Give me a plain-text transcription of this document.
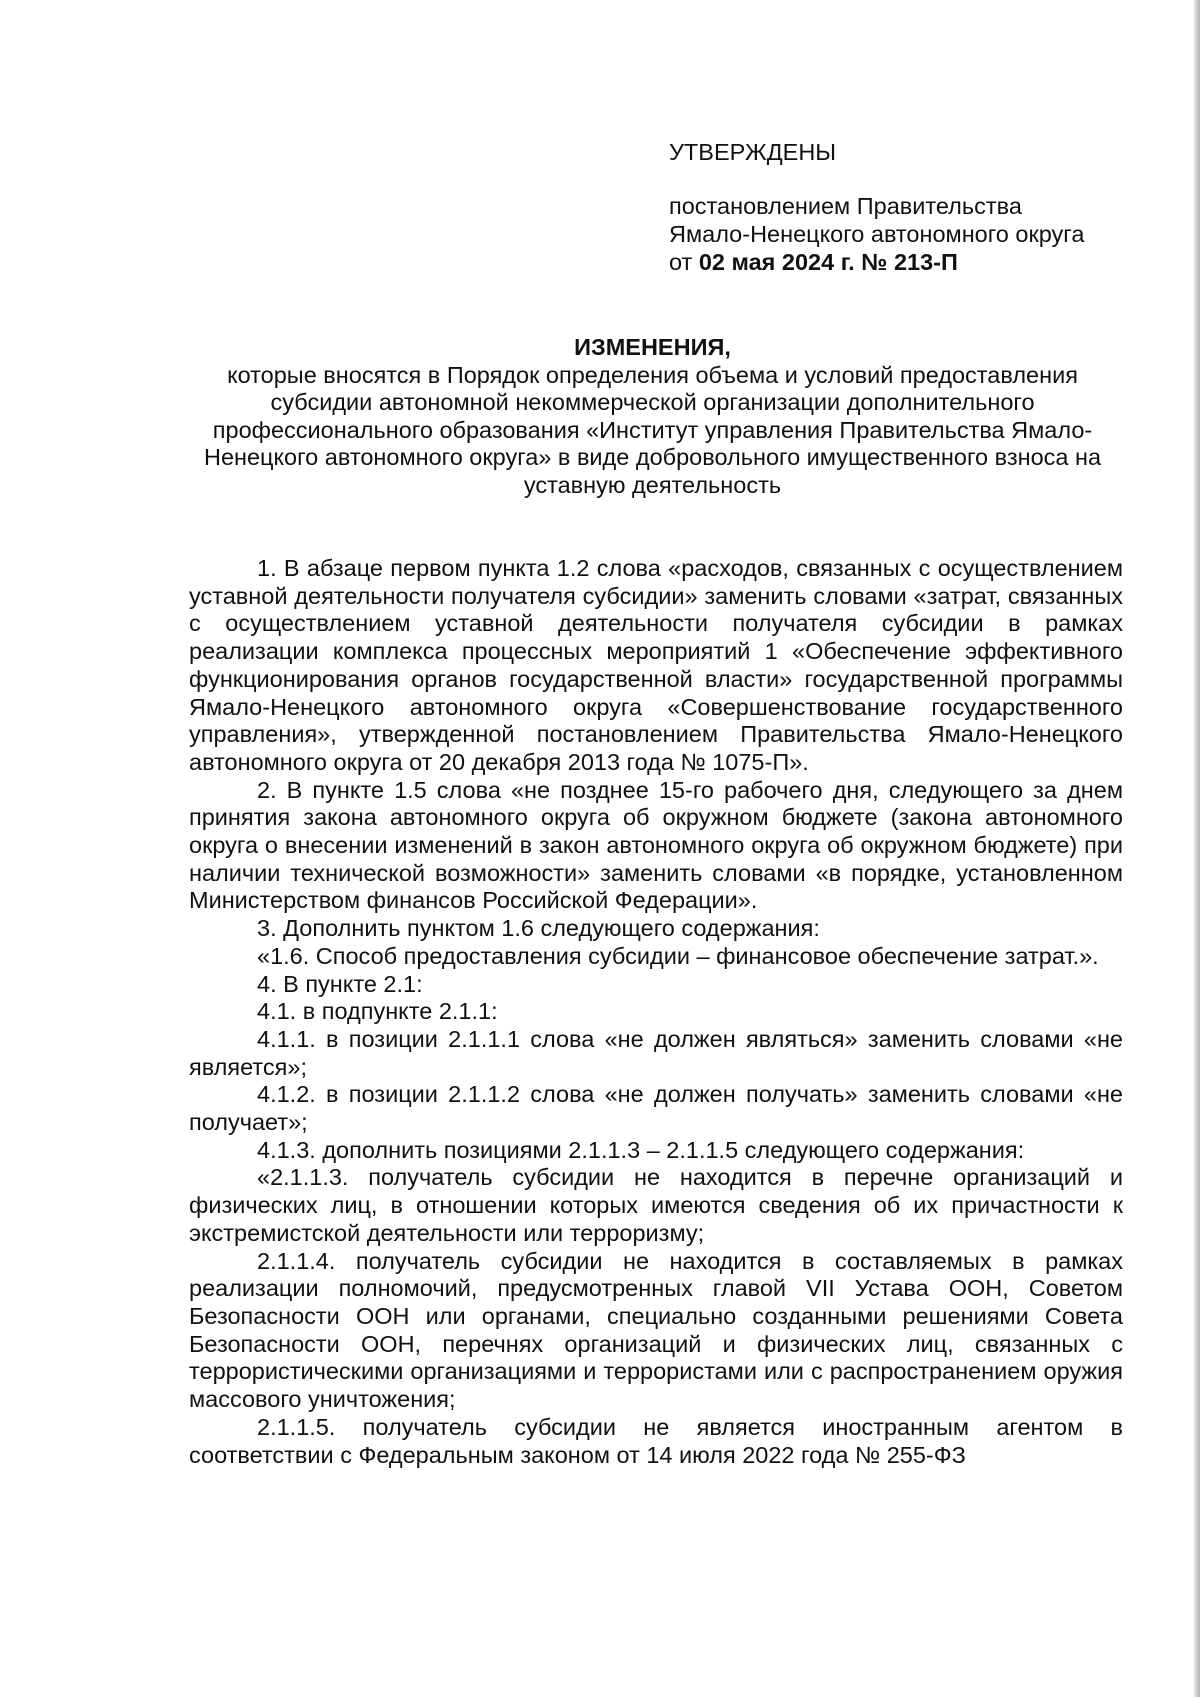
УТВЕРЖДЕНЫ

постановлением Правительства

Ямало-Ненецкого автономного округа

от 02 мая 2024 г. № 213-П

ИЗМЕНЕНИЯ,

которые вносятся в Порядок определения объема и условий предоставления субсидии автономной некоммерческой организации дополнительного профессионального образования «Институт управления Правительства Ямало-Ненецкого автономного округа» в виде добровольного имущественного взноса на уставную деятельность

1. В абзаце первом пункта 1.2 слова «расходов, связанных с осуществлением уставной деятельности получателя субсидии» заменить словами «затрат, связанных с осуществлением уставной деятельности получателя субсидии в рамках реализации комплекса процессных мероприятий 1 «Обеспечение эффективного функционирования органов государственной власти» государственной программы Ямало-Ненецкого автономного округа «Совершенствование государственного управления», утвержденной постановлением Правительства Ямало-Ненецкого автономного округа от 20 декабря 2013 года № 1075-П».

2. В пункте 1.5 слова «не позднее 15-го рабочего дня, следующего за днем принятия закона автономного округа об окружном бюджете (закона автономного округа о внесении изменений в закон автономного округа об окружном бюджете) при наличии технической возможности» заменить словами «в порядке, установленном Министерством финансов Российской Федерации».

3. Дополнить пунктом 1.6 следующего содержания:

«1.6. Способ предоставления субсидии – финансовое обеспечение затрат.».

4. В пункте 2.1:

4.1. в подпункте 2.1.1:

4.1.1. в позиции 2.1.1.1 слова «не должен являться» заменить словами «не является»;

4.1.2. в позиции 2.1.1.2 слова «не должен получать» заменить словами «не получает»;

4.1.3. дополнить позициями 2.1.1.3 – 2.1.1.5 следующего содержания:

«2.1.1.3. получатель субсидии не находится в перечне организаций и физических лиц, в отношении которых имеются сведения об их причастности к экстремистской деятельности или терроризму;

2.1.1.4. получатель субсидии не находится в составляемых в рамках реализации полномочий, предусмотренных главой VII Устава ООН, Советом Безопасности ООН или органами, специально созданными решениями Совета Безопасности ООН, перечнях организаций и физических лиц, связанных с террористическими организациями и террористами или с распространением оружия массового уничтожения;

2.1.1.5. получатель субсидии не является иностранным агентом в соответствии с Федеральным законом от 14 июля 2022 года № 255-ФЗ
